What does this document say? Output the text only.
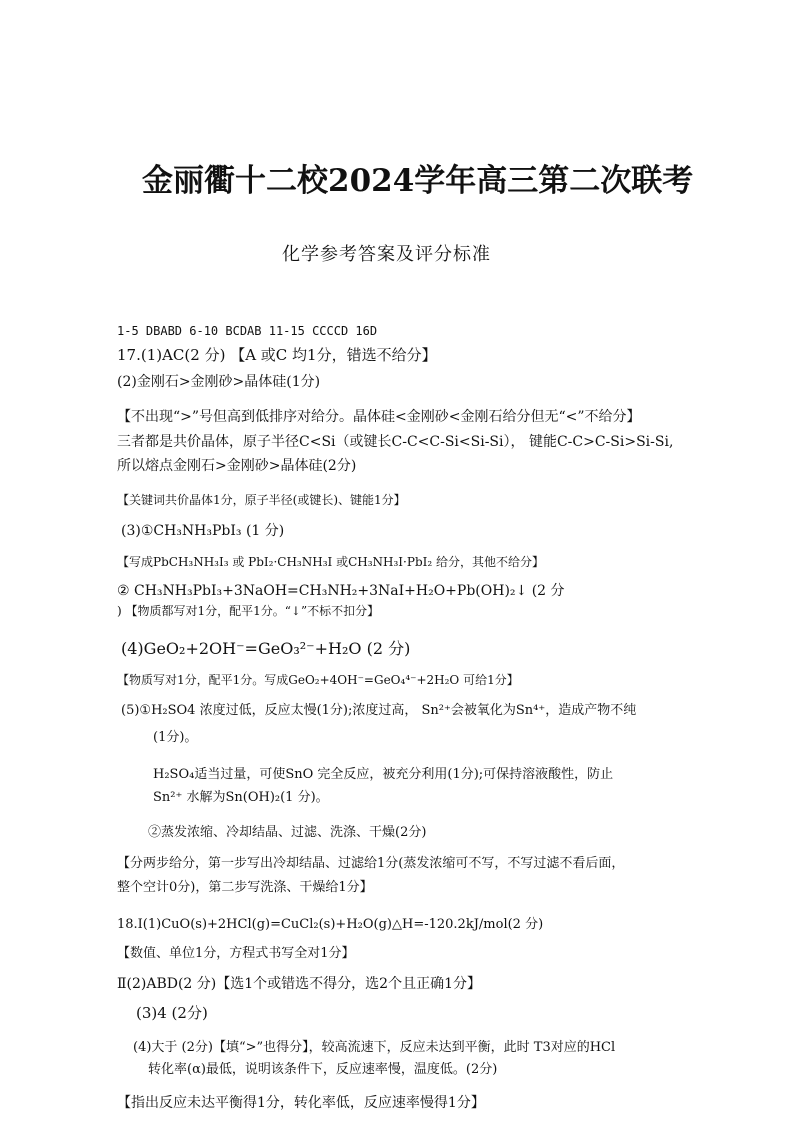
金丽衢十二校2024学年高三第二次联考
化学参考答案及评分标准
1-5 DBABD 6-10 BCDAB 11-15 CCCCD 16D
17.(1)AC(2 分) 【A 或C 均1分，错选不给分】
(2)金刚石>金刚砂>晶体硅(1分)
【不出现“>”号但高到低排序对给分。晶体硅<金刚砂<金刚石给分但无“<”不给分】
三者都是共价晶体，原子半径C<Si（或键长C-C<C-Si<Si-Si）， 键能C-C>C-Si>Si-Si,
所以熔点金刚石>金刚砂>晶体硅(2分)
【关键词共价晶体1分，原子半径(或键长)、键能1分】
(3)①CH₃NH₃PbI₃ (1 分)
【写成PbCH₃NH₃I₃ 或 PbI₂·CH₃NH₃I 或CH₃NH₃I·PbI₂ 给分，其他不给分】
② CH₃NH₃PbI₃+3NaOH=CH₃NH₂+3NaI+H₂O+Pb(OH)₂↓ (2 分
) 【物质都写对1分，配平1分。“↓”不标不扣分】
(4)GeO₂+2OH⁻=GeO₃²⁻+H₂O (2 分)
【物质写对1分，配平1分。写成GeO₂+4OH⁻=GeO₄⁴⁻+2H₂O 可给1分】
(5)①H₂SO4 浓度过低，反应太慢(1分);浓度过高， Sn²⁺会被氧化为Sn⁴⁺，造成产物不纯
(1分)。
H₂SO₄适当过量，可使SnO 完全反应，被充分利用(1分);可保持溶液酸性，防止
Sn²⁺ 水解为Sn(OH)₂(1 分)。
②蒸发浓缩、冷却结晶、过滤、洗涤、干燥(2分)
【分两步给分，第一步写出冷却结晶、过滤给1分(蒸发浓缩可不写，不写过滤不看后面，
整个空计0分)，第二步写洗涤、干燥给1分】
18.Ⅰ(1)CuO(s)+2HCl(g)=CuCl₂(s)+H₂O(g)△H=-120.2kJ/mol(2 分)
【数值、单位1分，方程式书写全对1分】
Ⅱ(2)ABD(2 分)【选1个或错选不得分，选2个且正确1分】
(3)4 (2分)
(4)大于 (2分)【填“>”也得分】，较高流速下，反应未达到平衡，此时 T3对应的HCl
转化率(α)最低，说明该条件下，反应速率慢，温度低。(2分)
【指出反应未达平衡得1分，转化率低，反应速率慢得1分】
